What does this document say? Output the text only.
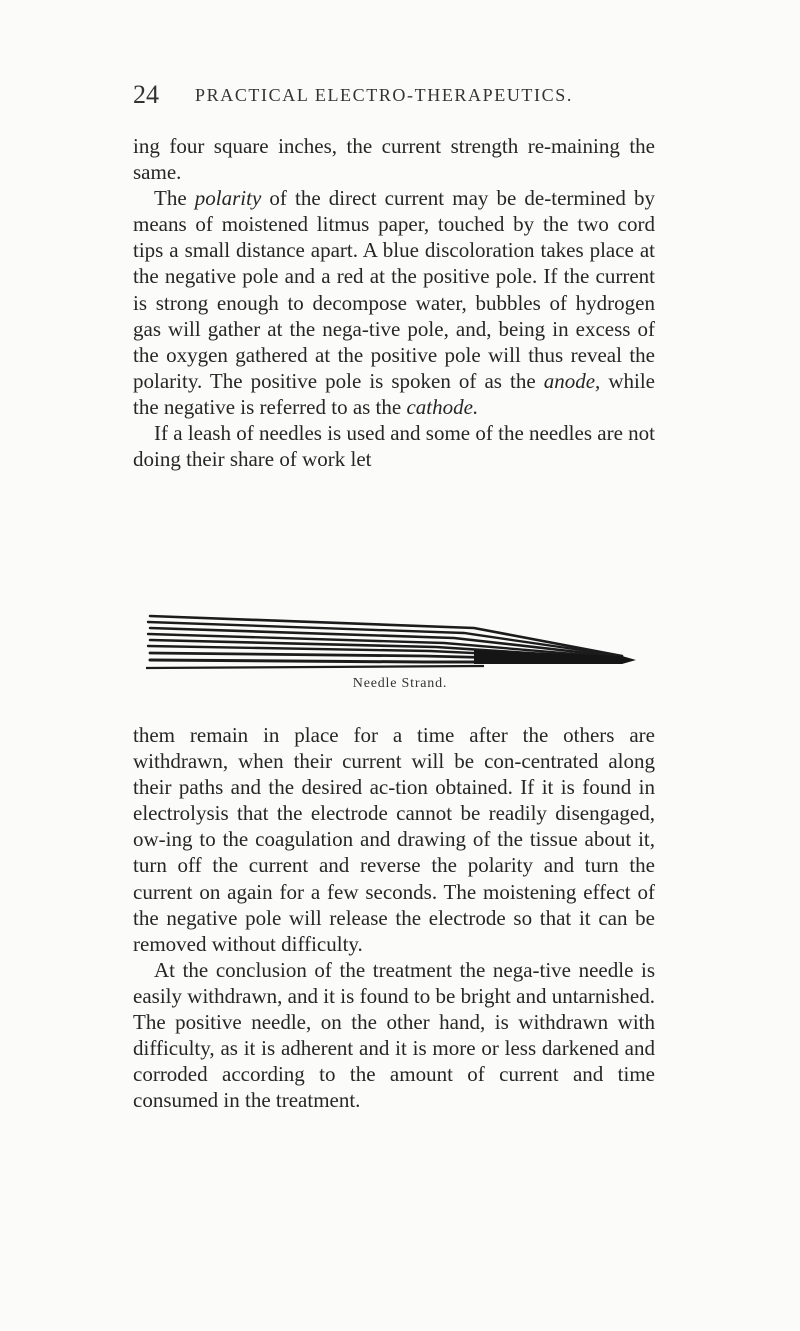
24 PRACTICAL ELECTRO-THERAPEUTICS.

ing four square inches, the current strength re-maining the same.

The polarity of the direct current may be de-termined by means of moistened litmus paper, touched by the two cord tips a small distance apart. A blue discoloration takes place at the negative pole and a red at the positive pole. If the current is strong enough to decompose water, bubbles of hydrogen gas will gather at the nega-tive pole, and, being in excess of the oxygen gathered at the positive pole will thus reveal the polarity. The positive pole is spoken of as the anode, while the negative is referred to as the cathode.

If a leash of needles is used and some of the needles are not doing their share of work let

Needle Strand.

them remain in place for a time after the others are withdrawn, when their current will be con-centrated along their paths and the desired ac-tion obtained. If it is found in electrolysis that the electrode cannot be readily disengaged, ow-ing to the coagulation and drawing of the tissue about it, turn off the current and reverse the polarity and turn the current on again for a few seconds. The moistening effect of the negative pole will release the electrode so that it can be removed without difficulty.

At the conclusion of the treatment the nega-tive needle is easily withdrawn, and it is found to be bright and untarnished. The positive needle, on the other hand, is withdrawn with difficulty, as it is adherent and it is more or less darkened and corroded according to the amount of current and time consumed in the treatment.
